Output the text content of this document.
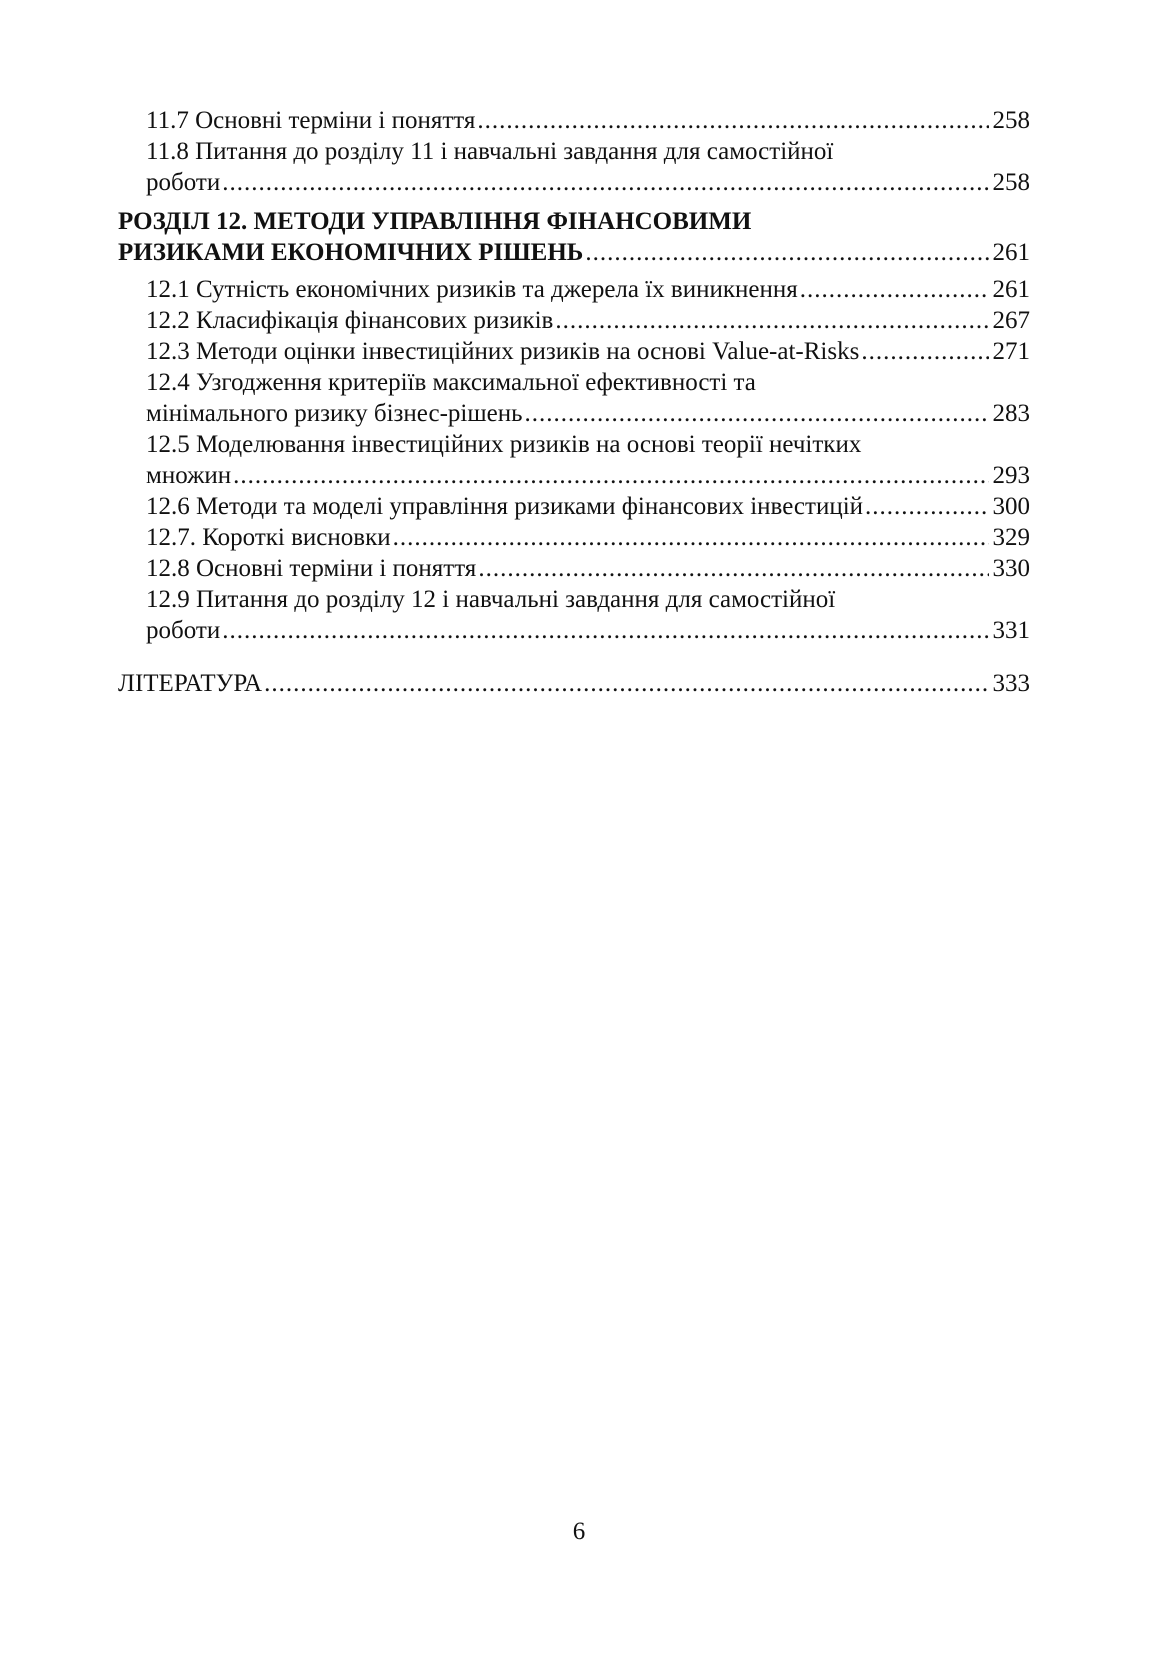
11.7 Основні терміни і поняття .....	258
11.8 Питання до розділу 11 і навчальні завдання для самостійної
роботи .....	258
РОЗДІЛ 12. МЕТОДИ УПРАВЛІННЯ ФІНАНСОВИМИ
РИЗИКАМИ ЕКОНОМІЧНИХ РІШЕНЬ .....	261
12.1 Сутність економічних ризиків та джерела їх виникнення .....	261
12.2 Класифікація фінансових ризиків .....	267
12.3 Методи оцінки інвестиційних ризиків на основі Value-at-Risks .....	271
12.4 Узгодження критеріїв максимальної ефективності та
мінімального ризику бізнес-рішень .....	283
12.5 Моделювання інвестиційних ризиків на основі теорії нечітких
множин .....	293
12.6 Методи та моделі управління ризиками фінансових інвестицій .....	300
12.7. Короткі висновки .....	329
12.8 Основні терміни і поняття .....	330
12.9 Питання до розділу 12 і навчальні завдання для самостійної
роботи .....	331
ЛІТЕРАТУРА .....	333
6
